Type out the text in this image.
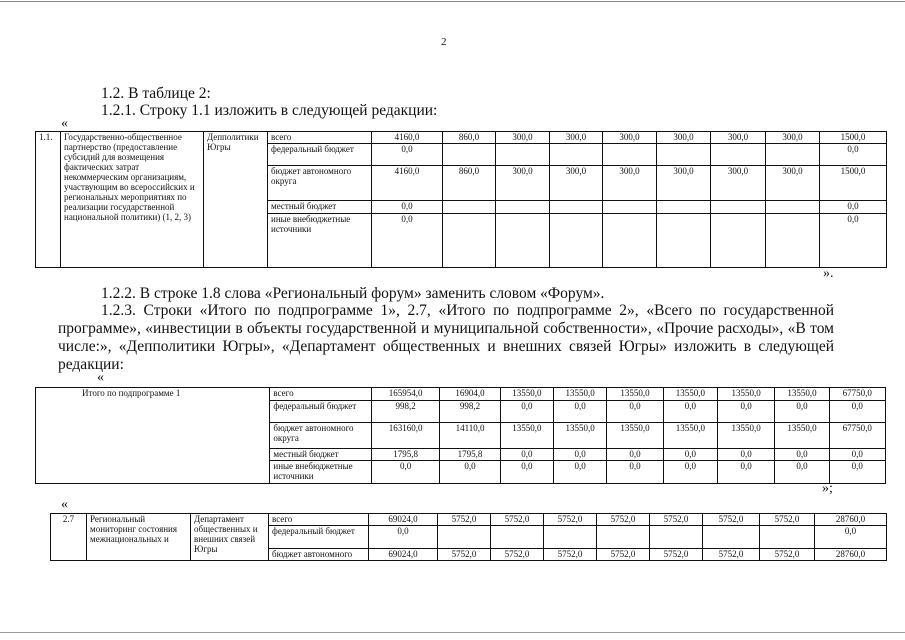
2
1.2. В таблице 2:
1.2.1. Строку 1.1 изложить в следующей редакции:
«
1.1.	Государственно-общественное партнерство (предоставление субсидий для возмещения фактических затрат некоммерческим организациям, участвующим во всероссийских и региональных мероприятиях по реализации государственной национальной политики) (1, 2, 3)	Депполитики Югры	всего	4160,0	860,0	300,0	300,0	300,0	300,0	300,0	300,0	1500,0
			федеральный бюджет	0,0								0,0
			бюджет автономного округа	4160,0	860,0	300,0	300,0	300,0	300,0	300,0	300,0	1500,0
			местный бюджет	0,0								0,0
			иные внебюджетные источники	0,0								0,0
».
1.2.2. В строке 1.8 слова «Региональный форум» заменить словом «Форум».
1.2.3. Строки «Итого по подпрограмме 1», 2.7, «Итого по подпрограмме 2», «Всего по государственной
программе», «инвестиции в объекты государственной и муниципальной собственности», «Прочие расходы», «В том
числе:», «Депполитики Югры», «Департамент общественных и внешних связей Югры» изложить в следующей
редакции:
«
Итого по подпрограмме 1	всего	165954,0	16904,0	13550,0	13550,0	13550,0	13550,0	13550,0	13550,0	67750,0
	федеральный бюджет	998,2	998,2	0,0	0,0	0,0	0,0	0,0	0,0	0,0
	бюджет автономного округа	163160,0	14110,0	13550,0	13550,0	13550,0	13550,0	13550,0	13550,0	67750,0
	местный бюджет	1795,8	1795,8	0,0	0,0	0,0	0,0	0,0	0,0	0,0
	иные внебюджетные источники	0,0	0,0	0,0	0,0	0,0	0,0	0,0	0,0	0,0
»;
«
2.7	Региональный мониторинг состояния межнациональных и	Департамент общественных и внешних связей Югры	всего	69024,0	5752,0	5752,0	5752,0	5752,0	5752,0	5752,0	5752,0	28760,0
			федеральный бюджет	0,0								0,0
			бюджет автономного	69024,0	5752,0	5752,0	5752,0	5752,0	5752,0	5752,0	5752,0	28760,0
